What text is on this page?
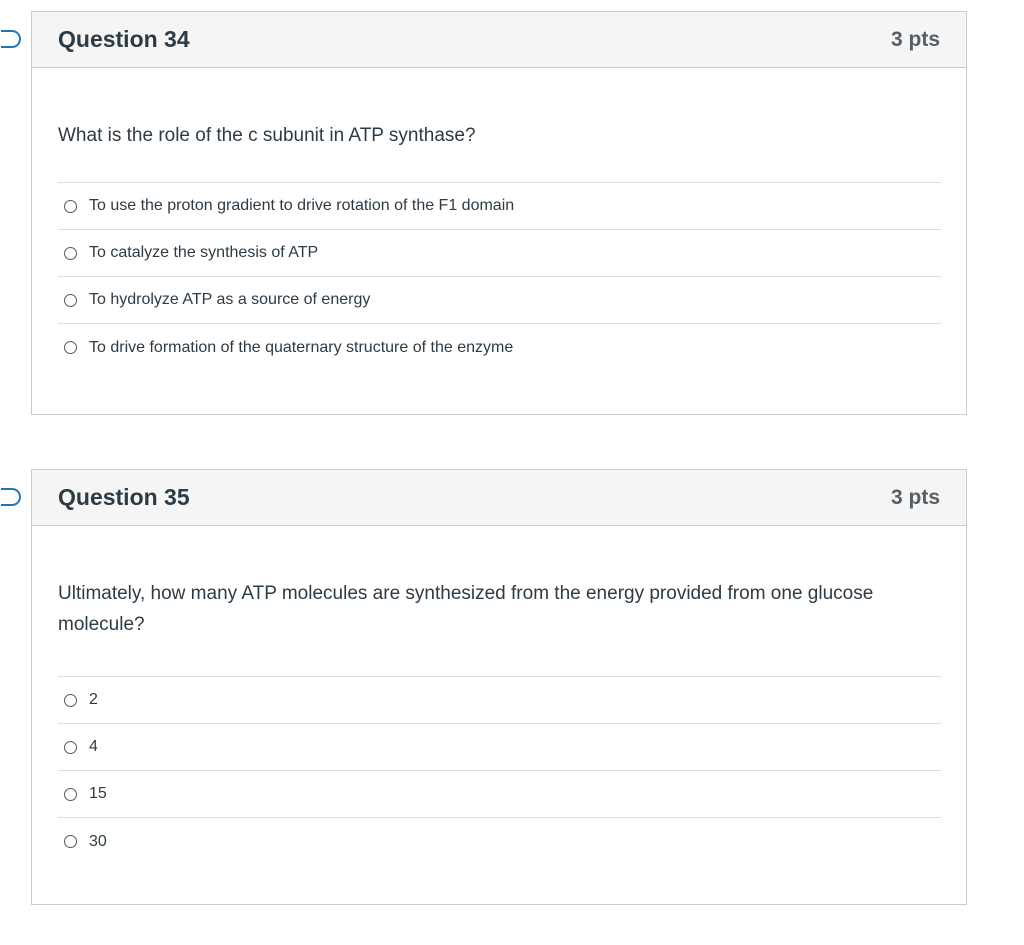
Question 34	3 pts

What is the role of the c subunit in ATP synthase?

To use the proton gradient to drive rotation of the F1 domain
To catalyze the synthesis of ATP
To hydrolyze ATP as a source of energy
To drive formation of the quaternary structure of the enzyme
Question 35	3 pts

Ultimately, how many ATP molecules are synthesized from the energy provided from one glucose molecule?

2
4
15
30
